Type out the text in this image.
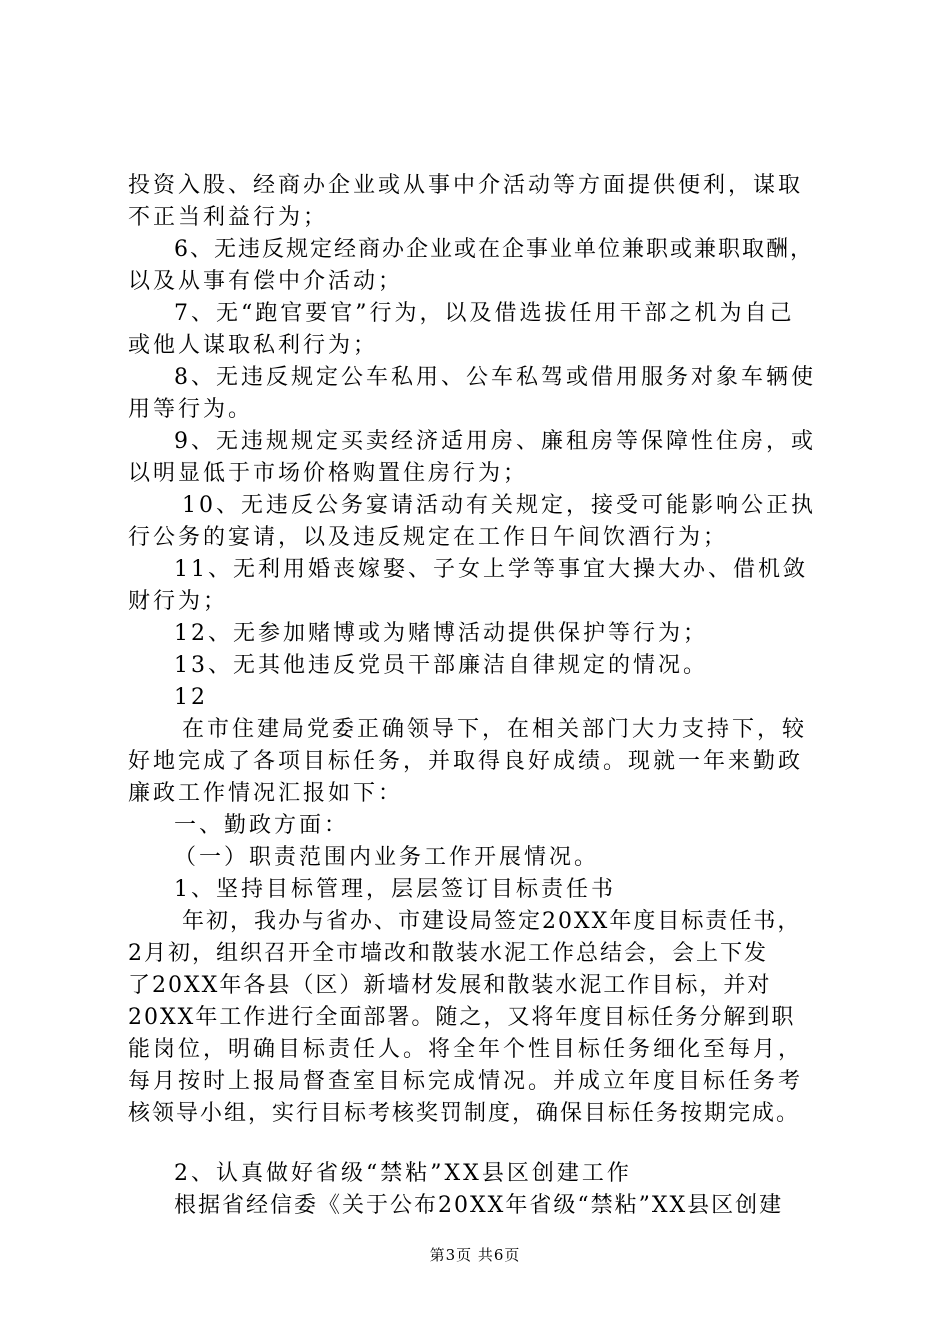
投资入股、经商办企业或从事中介活动等方面提供便利，谋取
不正当利益行为；
6、无违反规定经商办企业或在企事业单位兼职或兼职取酬，
以及从事有偿中介活动；
7、无“跑官要官”行为，以及借选拔任用干部之机为自己
或他人谋取私利行为；
8、无违反规定公车私用、公车私驾或借用服务对象车辆使
用等行为。
9、无违规规定买卖经济适用房、廉租房等保障性住房，或
以明显低于市场价格购置住房行为；
10、无违反公务宴请活动有关规定，接受可能影响公正执
行公务的宴请，以及违反规定在工作日午间饮酒行为；
11、无利用婚丧嫁娶、子女上学等事宜大操大办、借机敛
财行为；
12、无参加赌博或为赌博活动提供保护等行为；
13、无其他违反党员干部廉洁自律规定的情况。
12
在市住建局党委正确领导下，在相关部门大力支持下，较
好地完成了各项目标任务，并取得良好成绩。现就一年来勤政
廉政工作情况汇报如下：
一、勤政方面：
（一）职责范围内业务工作开展情况。
1、坚持目标管理，层层签订目标责任书
年初，我办与省办、市建设局签定20XX年度目标责任书，
2月初，组织召开全市墙改和散装水泥工作总结会，会上下发
了20XX年各县（区）新墙材发展和散装水泥工作目标，并对
20XX年工作进行全面部署。随之，又将年度目标任务分解到职
能岗位，明确目标责任人。将全年个性目标任务细化至每月，
每月按时上报局督查室目标完成情况。并成立年度目标任务考
核领导小组，实行目标考核奖罚制度，确保目标任务按期完成。
2、认真做好省级“禁粘”XX县区创建工作
根据省经信委《关于公布20XX年省级“禁粘”XX县区创建
第3页 共6页
